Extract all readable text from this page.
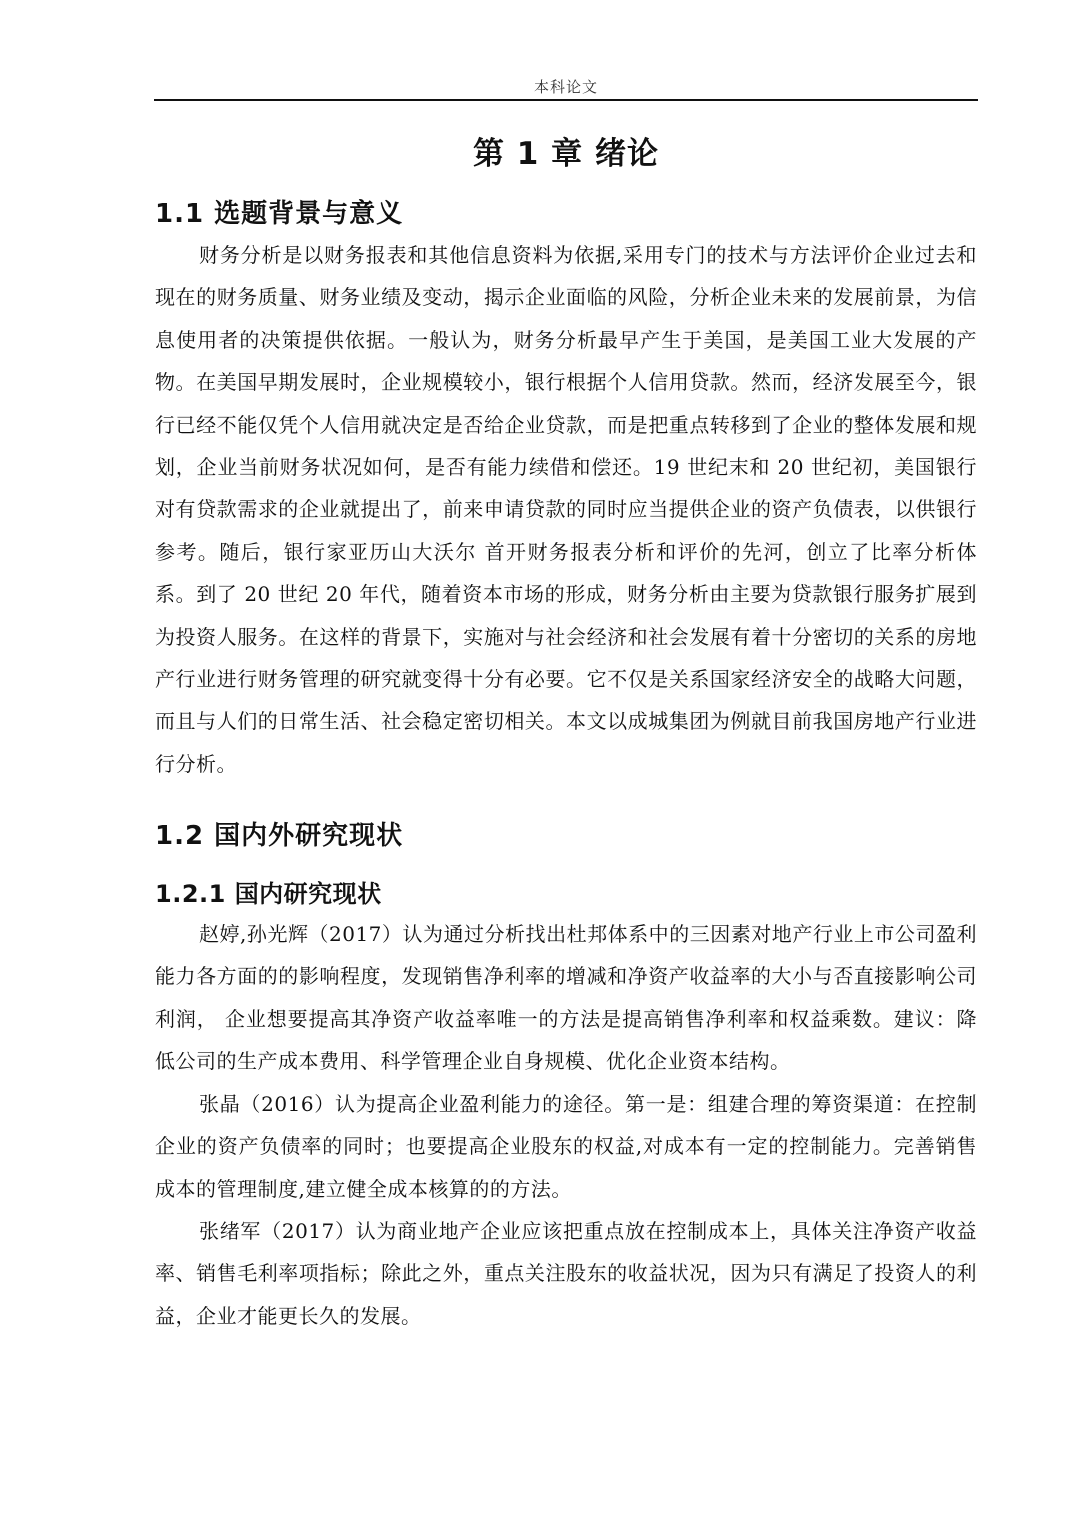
本科论文
第 1 章 绪论
1.1 选题背景与意义
财务分析是以财务报表和其他信息资料为依据,采用专门的技术与方法评价企业过去和现在的财务质量、财务业绩及变动，揭示企业面临的风险，分析企业未来的发展前景，为信息使用者的决策提供依据。一般认为，财务分析最早产生于美国，是美国工业大发展的产物。在美国早期发展时，企业规模较小，银行根据个人信用贷款。然而，经济发展至今，银行已经不能仅凭个人信用就决定是否给企业贷款，而是把重点转移到了企业的整体发展和规划，企业当前财务状况如何，是否有能力续借和偿还。19 世纪末和 20 世纪初，美国银行对有贷款需求的企业就提出了，前来申请贷款的同时应当提供企业的资产负债表，以供银行参考。随后，银行家亚历山大沃尔 首开财务报表分析和评价的先河，创立了比率分析体系。到了 20 世纪 20 年代，随着资本市场的形成，财务分析由主要为贷款银行服务扩展到为投资人服务。在这样的背景下，实施对与社会经济和社会发展有着十分密切的关系的房地产行业进行财务管理的研究就变得十分有必要。它不仅是关系国家经济安全的战略大问题，而且与人们的日常生活、社会稳定密切相关。本文以成城集团为例就目前我国房地产行业进行分析。
1.2 国内外研究现状
1.2.1 国内研究现状
赵婷,孙光辉（2017）认为通过分析找出杜邦体系中的三因素对地产行业上市公司盈利能力各方面的的影响程度，发现销售净利率的增减和净资产收益率的大小与否直接影响公司利润， 企业想要提高其净资产收益率唯一的方法是提高销售净利率和权益乘数。建议：降低公司的生产成本费用、科学管理企业自身规模、优化企业资本结构。
张晶（2016）认为提高企业盈利能力的途径。第一是：组建合理的筹资渠道：在控制企业的资产负债率的同时；也要提高企业股东的权益,对成本有一定的控制能力。完善销售成本的管理制度,建立健全成本核算的的方法。
张绪军（2017）认为商业地产企业应该把重点放在控制成本上，具体关注净资产收益率、销售毛利率项指标；除此之外，重点关注股东的收益状况，因为只有满足了投资人的利益，企业才能更长久的发展。
